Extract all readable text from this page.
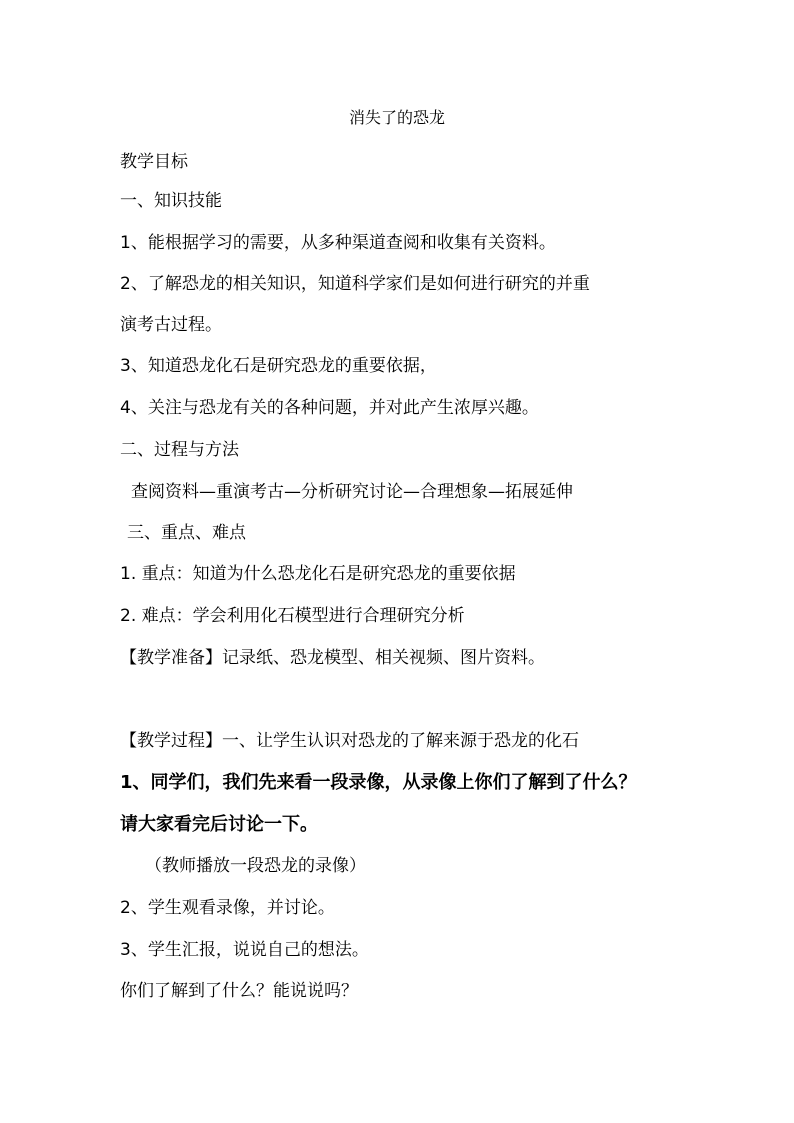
消失了的恐龙
教学目标
一、知识技能
1、能根据学习的需要，从多种渠道查阅和收集有关资料。
2、了解恐龙的相关知识，知道科学家们是如何进行研究的并重
演考古过程。
3、知道恐龙化石是研究恐龙的重要依据，
4、关注与恐龙有关的各种问题，并对此产生浓厚兴趣。
二、过程与方法
查阅资料—重演考古—分析研究讨论—合理想象—拓展延伸
三、重点、难点
1. 重点：知道为什么恐龙化石是研究恐龙的重要依据
2. 难点：学会利用化石模型进行合理研究分析
【教学准备】记录纸、恐龙模型、相关视频、图片资料。
【教学过程】一、让学生认识对恐龙的了解来源于恐龙的化石
1、同学们，我们先来看一段录像，从录像上你们了解到了什么？
请大家看完后讨论一下。
（教师播放一段恐龙的录像）
2、学生观看录像，并讨论。
3、学生汇报，说说自己的想法。
你们了解到了什么？能说说吗？
